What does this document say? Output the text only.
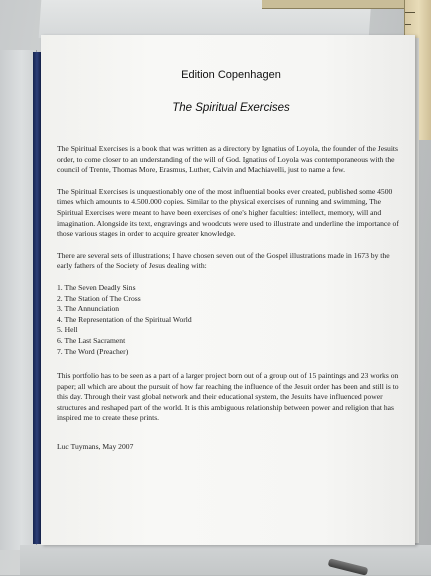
Edition Copenhagen
The Spiritual Exercises

The Spiritual Exercises is a book that was written as a directory by Ignatius of Loyola, the founder of the Jesuits order, to come closer to an understanding of the will of God. Ignatius of Loyola was contemporaneous with the council of Trente, Thomas More, Erasmus, Luther, Calvin and Machiavelli, just to name a few.

The Spiritual Exercises is unquestionably one of the most influential books ever created, published some 4500 times which amounts to 4.500.000 copies. Similar to the physical exercises of running and swimming, The Spiritual Exercises were meant to have been exercises of one's higher faculties: intellect, memory, will and imagination. Alongside its text, engravings and woodcuts were used to illustrate and underline the importance of those various stages in order to acquire greater knowledge.

There are several sets of illustrations; I have chosen seven out of the Gospel illustrations made in 1673 by the early fathers of the Society of Jesus dealing with:

1. The Seven Deadly Sins
2. The Station of The Cross
3. The Annunciation
4. The Representation of the Spiritual World
5. Hell
6. The Last Sacrament
7. The Word (Preacher)

This portfolio has to be seen as a part of a larger project born out of a group out of 15 paintings and 23 works on paper; all which are about the pursuit of how far reaching the influence of the Jesuit order has been and still is to this day. Through their vast global network and their educational system, the Jesuits have influenced power structures and reshaped part of the world. It is this ambiguous relationship between power and religion that has inspired me to create these prints.

Luc Tuymans, May 2007
